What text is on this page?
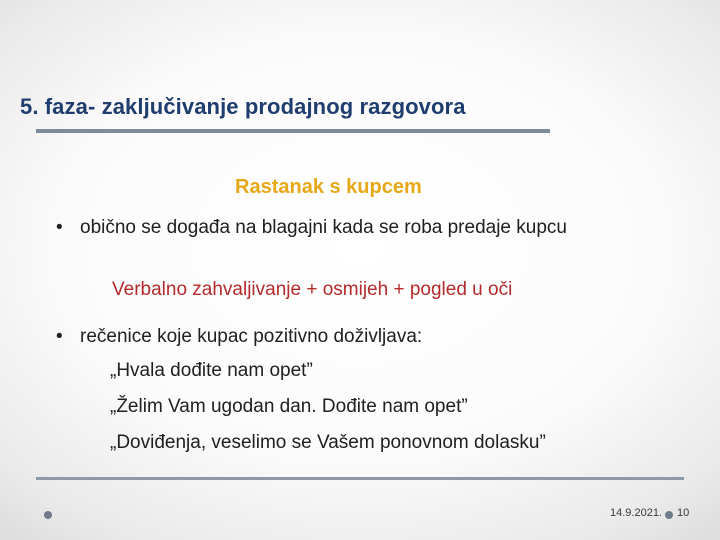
5. faza- zaključivanje prodajnog razgovora
Rastanak s kupcem
• obično se događa na blagajni kada se roba predaje kupcu
Verbalno zahvaljivanje + osmijeh + pogled u oči
• rečenice koje kupac pozitivno doživljava:
„Hvala dođite nam opet”
„Želim Vam ugodan dan. Dođite nam opet”
„Doviđenja, veselimo se Vašem ponovnom dolasku”
14.9.2021. 10
